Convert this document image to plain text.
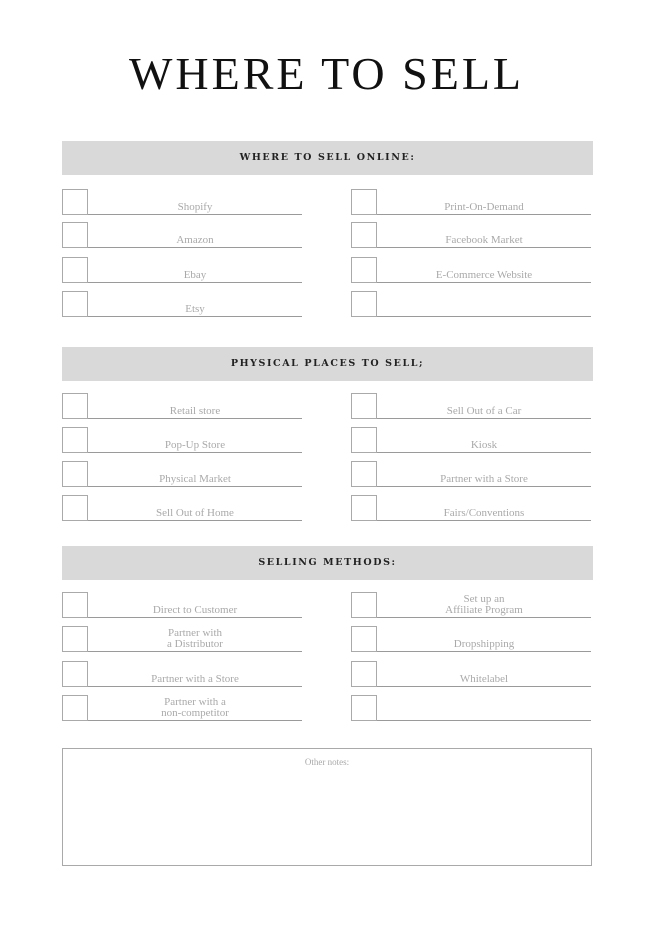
WHERE TO SELL
WHERE TO SELL ONLINE:
Shopify
Amazon
Ebay
Etsy
Print-On-Demand
Facebook Market
E-Commerce Website
PHYSICAL PLACES TO SELL;
Retail store
Pop-Up Store
Physical Market
Sell Out of Home
Sell Out of a Car
Kiosk
Partner with a Store
Fairs/Conventions
SELLING METHODS:
Direct to Customer
Partner with
a Distributor
Partner with a Store
Partner with a
non-competitor
Set up an
Affiliate Program
Dropshipping
Whitelabel
Other notes:
